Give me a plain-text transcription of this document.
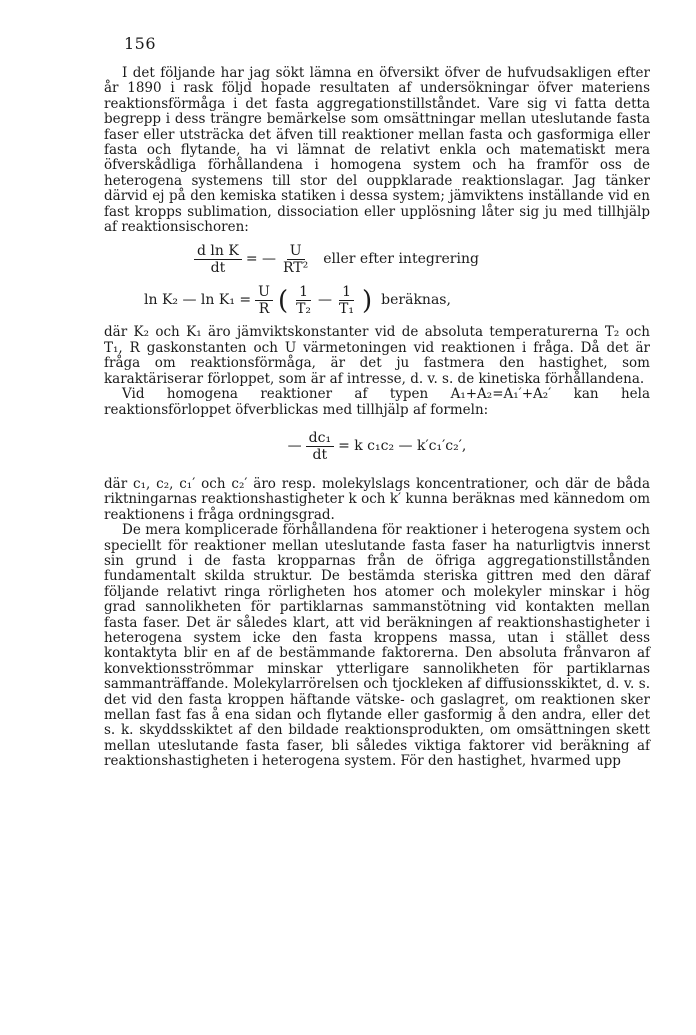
156

I det följande har jag sökt lämna en öfversikt öfver de hufvudsakligen efter år 1890 i rask följd hopade resultaten af undersökningar öfver materiens reaktionsförmåga i det fasta aggregationstillståndet. Vare sig vi fatta detta begrepp i dess trängre bemärkelse som omsättningar mellan uteslutande fasta faser eller utsträcka det äfven till reaktioner mellan fasta och gasformiga eller fasta och flytande, ha vi lämnat de relativt enkla och matematiskt mera öfverskådliga förhållandena i homogena system och ha framför oss de heterogena systemens till stor del ouppklarade reaktionslagar. Jag tänker därvid ej på den kemiska statiken i dessa system; jämviktens inställande vid en fast kropps sublimation, dissociation eller upplösning låter sig ju med tillhjälp af reaktionsischoren:

$\frac{\text{d ln K}}{dt}$ = — $\frac{U}{\text{RT²}}$ eller efter integrering
ln K₂ — $\ln K_1 = \frac{U}{R}$ ( $\frac{1}{\text{T₂}}$ — $\frac{1}{\text{T₁}}$ ) beräknas,

där K₂ och K₁ äro jämviktskonstanter vid de absoluta temperaturerna T₂ och T₁, R gaskonstanten och U värmetoningen vid reaktionen i fråga. Då det är fråga om reaktionsförmåga, är det ju fastmera den hastighet, som karaktäriserar förloppet, som är af intresse, d. v. s. de kinetiska förhållandena.

Vid homogena reaktioner af typen A₁+A₂=A₁′+A₂′ kan hela reaktionsförloppet öfverblickas med tillhjälp af formeln:

— $\frac{\text{dc₁}}{dt} = k$ c₁c₂ — k′c₁′c₂′,

där c₁, c₂, c₁′ och c₂′ äro resp. molekylslags koncentrationer, och där de båda riktningarnas reaktionshastigheter k och k′ kunna beräknas med kännedom om reaktionens i fråga ordningsgrad.

De mera komplicerade förhållandena för reaktioner i heterogena system och speciellt för reaktioner mellan uteslutande fasta faser ha naturligtvis innerst sin grund i de fasta kropparnas från de öfriga aggregationstillstånden fundamentalt skilda struktur. De bestämda steriska gittren med den däraf följande relativt ringa rörligheten hos atomer och molekyler minskar i hög grad sannolikheten för partiklarnas sammanstötning vid kontakten mellan fasta faser. Det är således klart, att vid beräkningen af reaktionshastigheter i heterogena system icke den fasta kroppens massa, utan i stället dess kontaktyta blir en af de bestämmande faktorerna. Den absoluta frånvaron af konvektionsströmmar minskar ytterligare sannolikheten för partiklarnas sammanträffande. Molekylarrörelsen och tjockleken af diffusionsskiktet, d. v. s. det vid den fasta kroppen häftande vätske- och gaslagret, om reaktionen sker mellan fast fas å ena sidan och flytande eller gasformig å den andra, eller det s. k. skyddsskiktet af den bildade reaktionsprodukten, om omsättningen skett mellan uteslutande fasta faser, bli således viktiga faktorer vid beräkning af reaktionshastigheten i heterogena system. För den hastighet, hvarmed upp
